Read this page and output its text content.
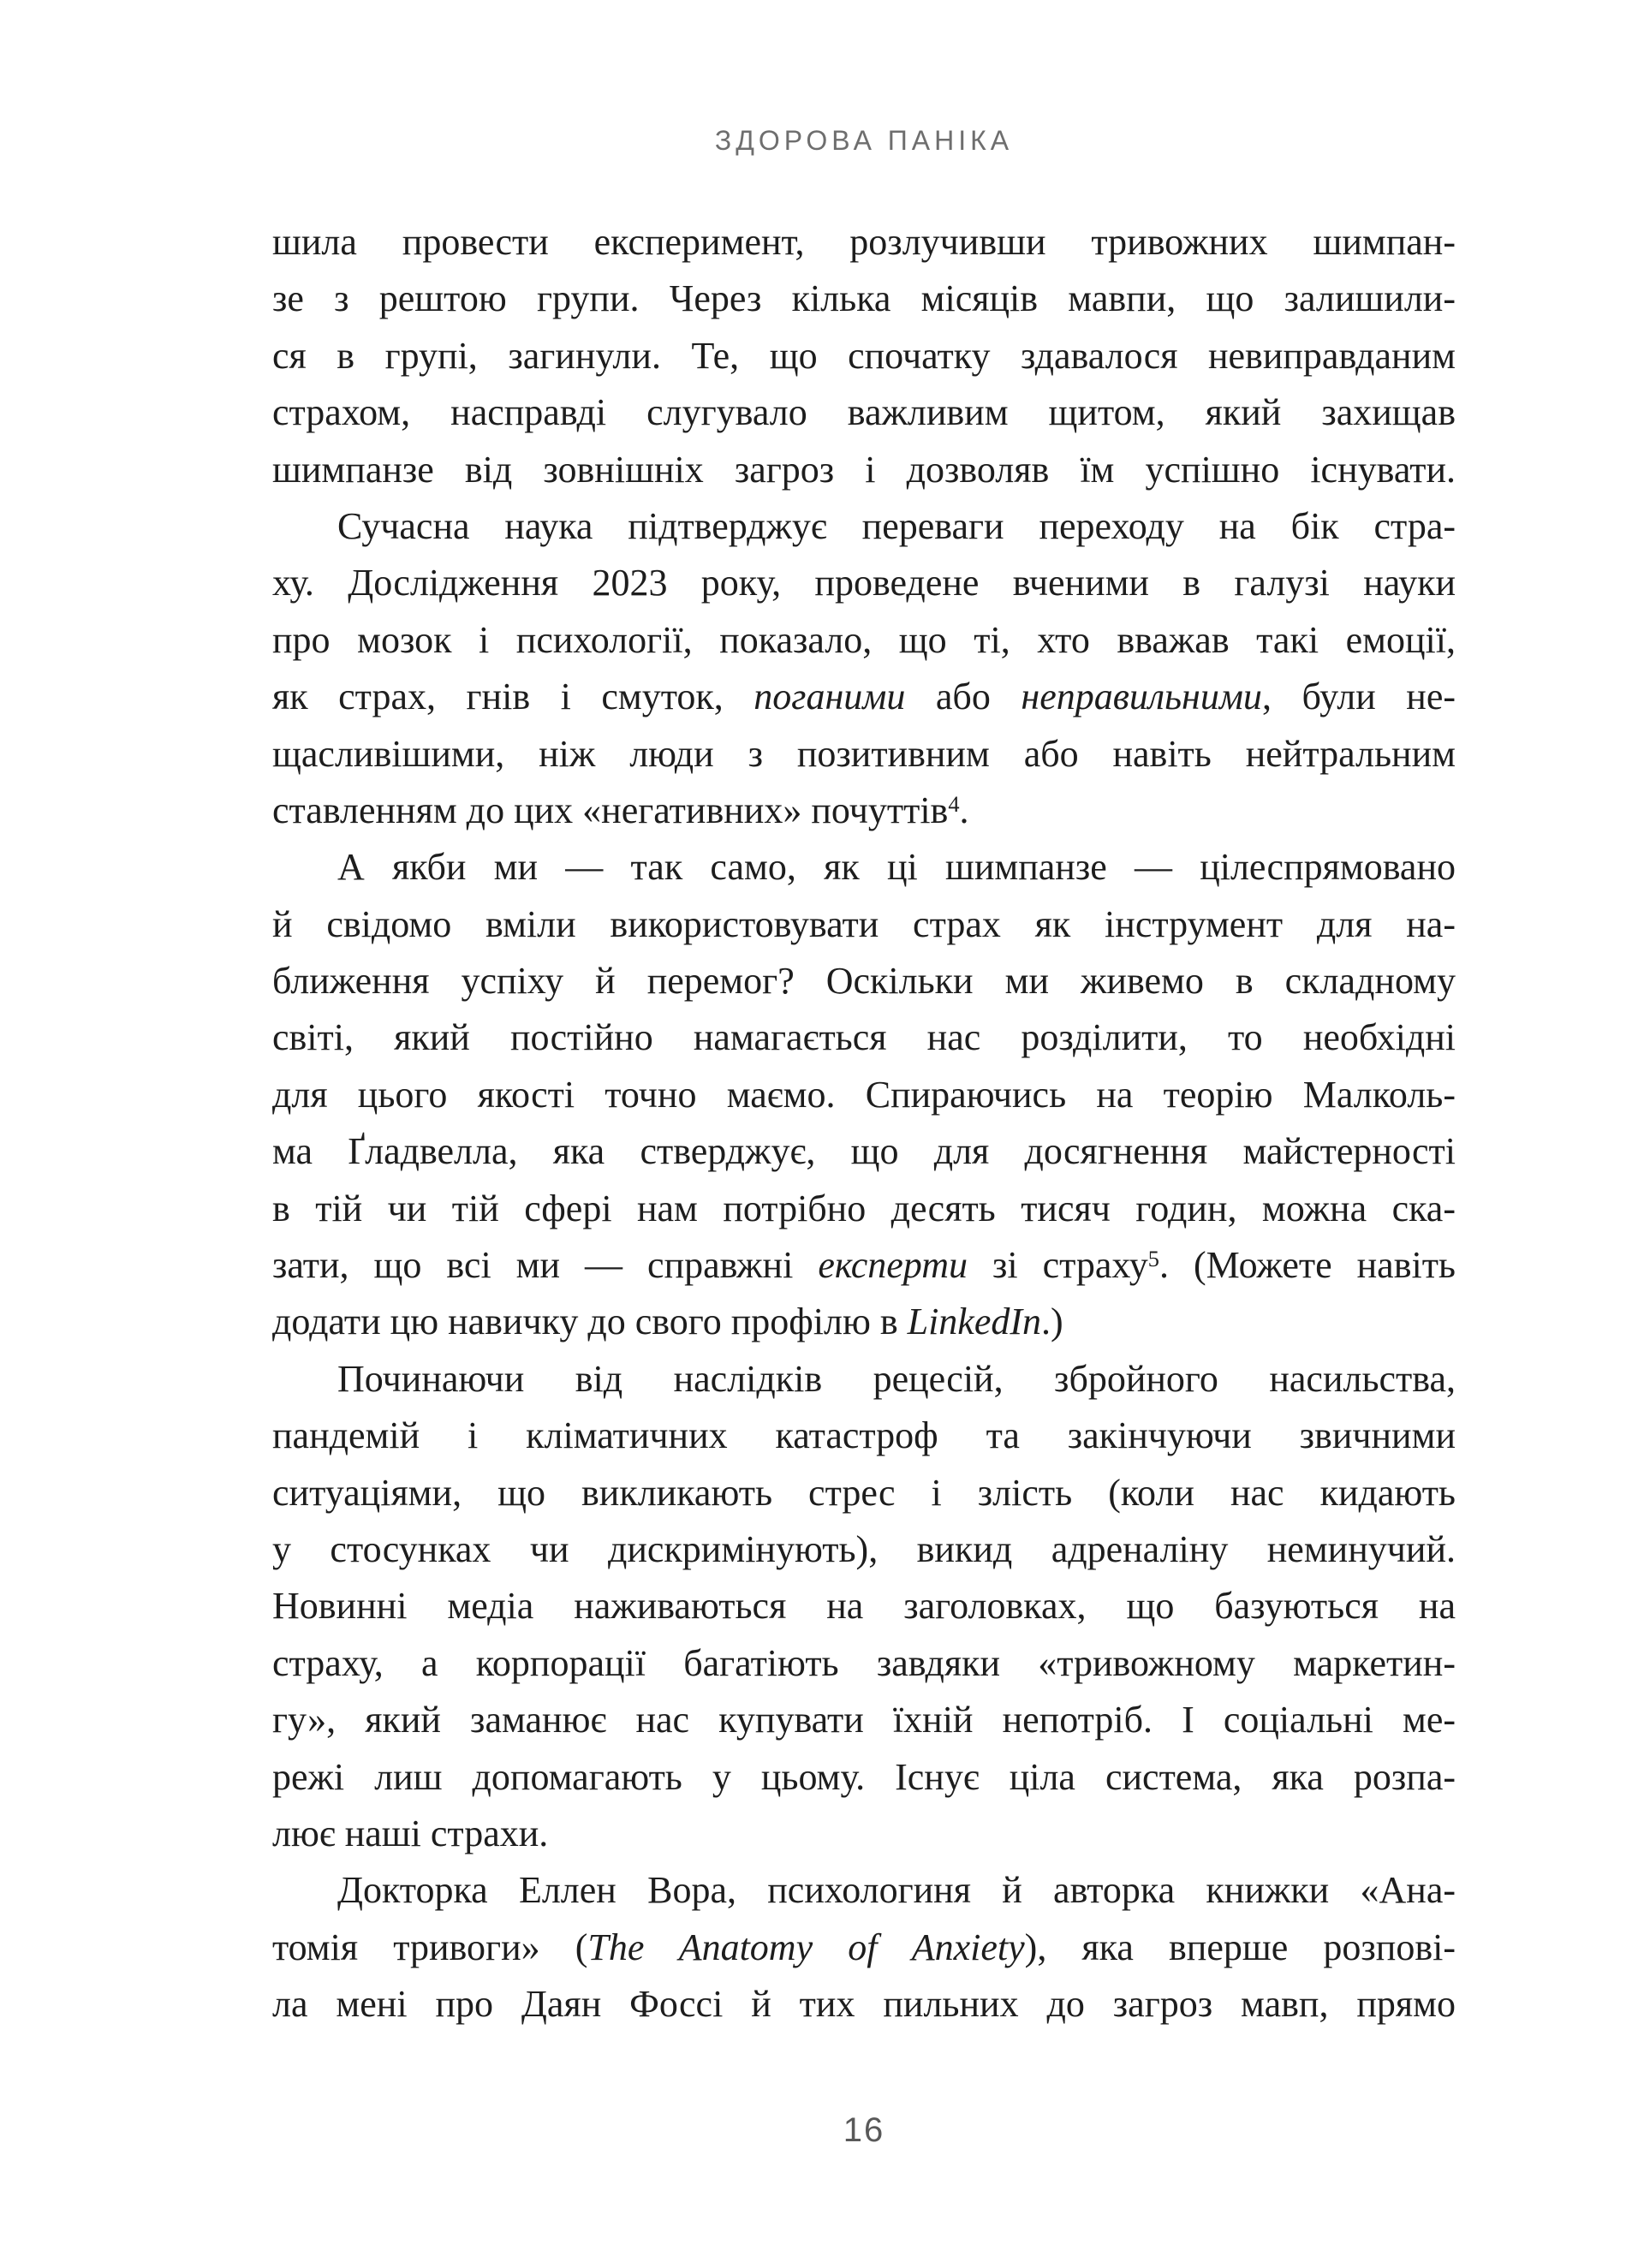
ЗДОРОВА ПАНІКА
шила провести експеримент, розлучивши тривожних шимпан-
зе з рештою групи. Через кілька місяців мавпи, що залишили-
ся в групі, загинули. Те, що спочатку здавалося невиправданим
страхом, насправді слугувало важливим щитом, який захищав
шимпанзе від зовнішніх загроз і дозволяв їм успішно існувати.
Сучасна наука підтверджує переваги переходу на бік стра-
ху. Дослідження 2023 року, проведене вченими в галузі науки
про мозок і психології, показало, що ті, хто вважав такі емоції,
як страх, гнів і смуток, поганими або неправильними, були не-
щасливішими, ніж люди з позитивним або навіть нейтральним
ставленням до цих «негативних» почуттів$^4$.
А якби ми — так само, як ці шимпанзе — цілеспрямовано
й свідомо вміли використовувати страх як інструмент для на-
ближення успіху й перемог? Оскільки ми живемо в складному
світі, який постійно намагається нас розділити, то необхідні
для цього якості точно маємо. Спираючись на теорію Малколь-
ма Ґладвелла, яка стверджує, що для досягнення майстерності
в тій чи тій сфері нам потрібно десять тисяч годин, можна ска-
зати, що всі ми — справжні експерти зі страху$^5$. (Можете навіть
додати цю навичку до свого профілю в LinkedIn.)
Починаючи від наслідків рецесій, збройного насильства,
пандемій і кліматичних катастроф та закінчуючи звичними
ситуаціями, що викликають стрес і злість (коли нас кидають
у стосунках чи дискримінують), викид адреналіну неминучий.
Новинні медіа наживаються на заголовках, що базуються на
страху, а корпорації багатіють завдяки «тривожному маркетин-
гу», який заманює нас купувати їхній непотріб. І соціальні ме-
режі лиш допомагають у цьому. Існує ціла система, яка розпа-
лює наші страхи.
Докторка Еллен Вора, психологиня й авторка книжки «Ана-
томія тривоги» (The Anatomy of Anxiety), яка вперше розпові-
ла мені про Даян Фоссі й тих пильних до загроз мавп, прямо
16
